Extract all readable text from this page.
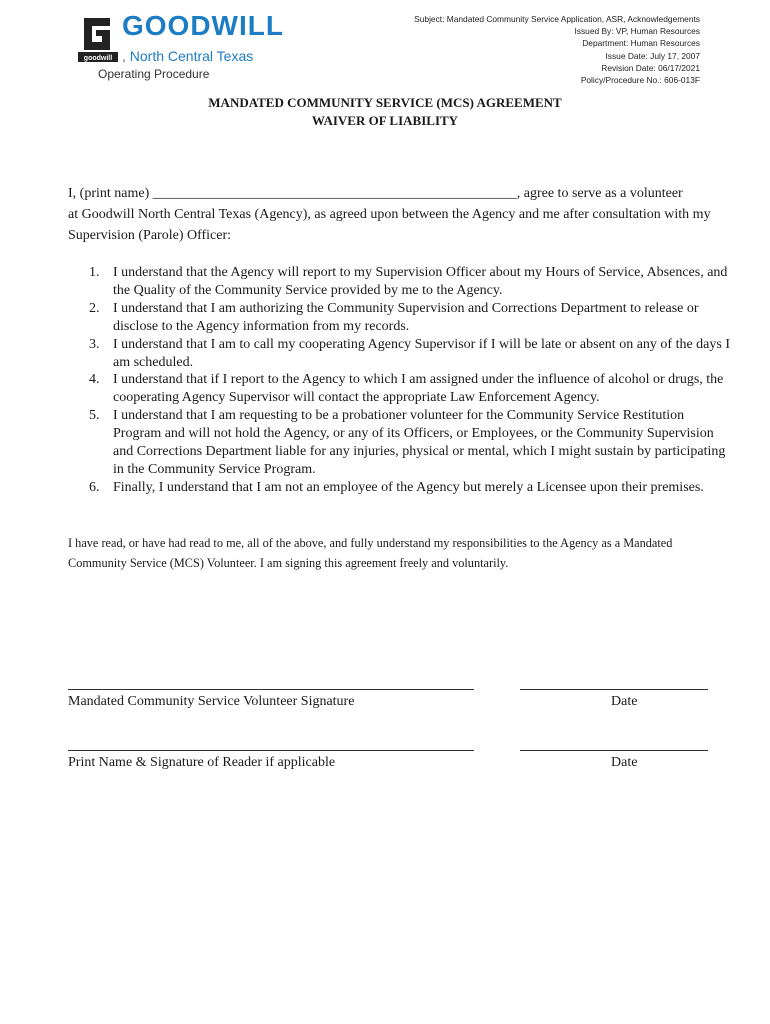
goodwill
GOODWILL
, North Central Texas
Operating Procedure
Subject: Mandated Community Service Application, ASR, Acknowledgements
Issued By: VP, Human Resources
Department: Human Resources
Issue Date: July 17, 2007
Revision Date: 06/17/2021
Policy/Procedure No.: 606-013F
MANDATED COMMUNITY SERVICE (MCS) AGREEMENT
WAIVER OF LIABILITY
I, (print name) ____________________________________________________, agree to serve as a volunteer
at Goodwill North Central Texas (Agency), as agreed upon between the Agency and me after consultation with my Supervision (Parole) Officer:
1. I understand that the Agency will report to my Supervision Officer about my Hours of Service, Absences, and the Quality of the Community Service provided by me to the Agency.
2. I understand that I am authorizing the Community Supervision and Corrections Department to release or disclose to the Agency information from my records.
3. I understand that I am to call my cooperating Agency Supervisor if I will be late or absent on any of the days I am scheduled.
4. I understand that if I report to the Agency to which I am assigned under the influence of alcohol or drugs, the cooperating Agency Supervisor will contact the appropriate Law Enforcement Agency.
5. I understand that I am requesting to be a probationer volunteer for the Community Service Restitution Program and will not hold the Agency, or any of its Officers, or Employees, or the Community Supervision and Corrections Department liable for any injuries, physical or mental, which I might sustain by participating in the Community Service Program.
6. Finally, I understand that I am not an employee of the Agency but merely a Licensee upon their premises.
I have read, or have had read to me, all of the above, and fully understand my responsibilities to the Agency as a Mandated Community Service (MCS) Volunteer. I am signing this agreement freely and voluntarily.
Mandated Community Service Volunteer Signature	Date
Print Name & Signature of Reader if applicable	Date
